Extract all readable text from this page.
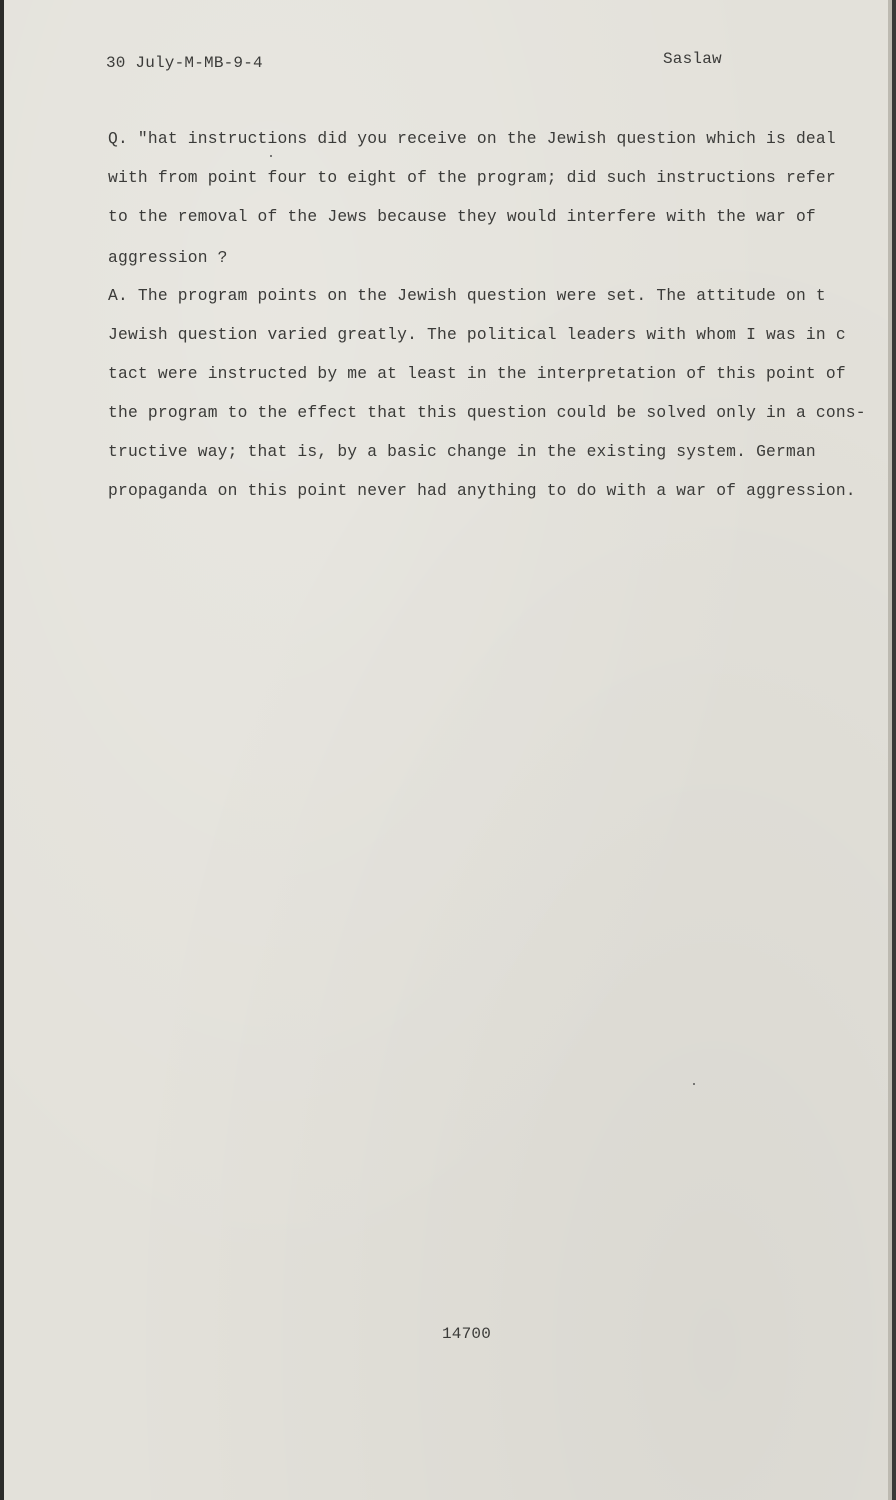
30 July-M-MB-9-4	Saslaw
Q. "hat instructions did you receive on the Jewish question which is deal
with from point four to eight of the program; did such instructions refer
to the removal of the Jews because they would interfere with the war of
aggression ?
A. The program points on the Jewish question were set. The attitude on t
Jewish question varied greatly. The political leaders with whom I was in c
tact were instructed by me at least in the interpretation of this point of
the program to the effect that this question could be solved only in a cons-
tructive way; that is, by a basic change in the existing system. German
propaganda on this point never had anything to do with a war of aggression.
14700
